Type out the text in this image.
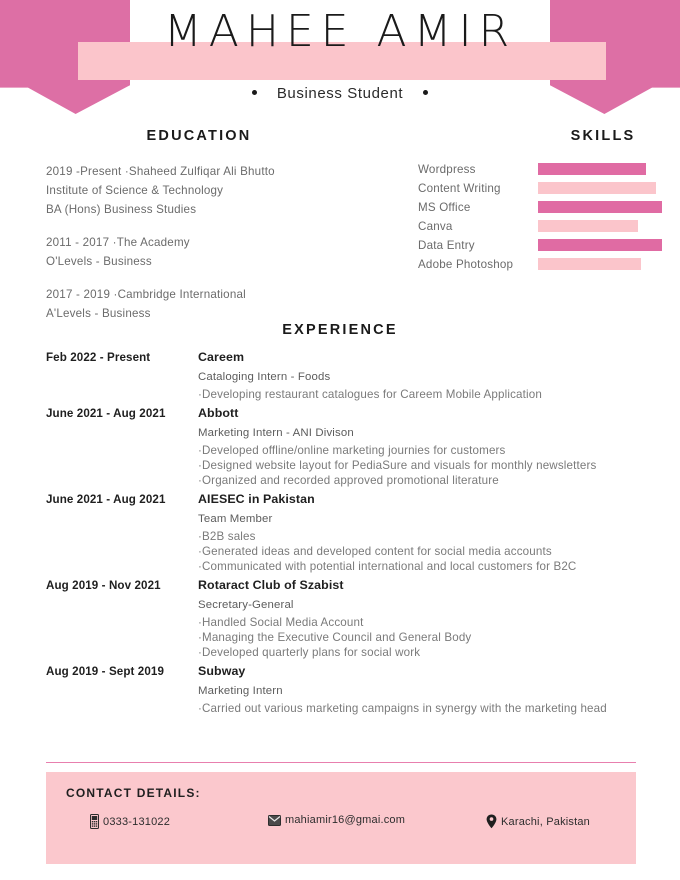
MAHEE AMIR
Business Student
EDUCATION
2019 -Present ·Shaheed Zulfiqar Ali Bhutto
Institute of Science & Technology
BA (Hons) Business Studies
2011 - 2017 ·The Academy
O'Levels - Business
2017 - 2019 ·Cambridge International
A'Levels - Business
SKILLS
Wordpress
Content Writing
MS Office
Canva
Data Entry
Adobe Photoshop
EXPERIENCE
Feb 2022 - Present	Careem
Cataloging Intern - Foods
·Developing restaurant catalogues for Careem Mobile Application
June 2021 - Aug 2021	Abbott
Marketing Intern - ANI Divison
·Developed offline/online marketing journies for customers
·Designed website layout for PediaSure and visuals for monthly newsletters
·Organized and recorded approved promotional literature
June 2021 - Aug 2021	AIESEC in Pakistan
Team Member
·B2B sales
·Generated ideas and developed content for social media accounts
·Communicated with potential international and local customers for B2C
Aug 2019 - Nov 2021	Rotaract Club of Szabist
Secretary-General
·Handled Social Media Account
·Managing the Executive Council and General Body
·Developed quarterly plans for social work
Aug 2019 - Sept 2019	Subway
Marketing Intern
·Carried out various marketing campaigns in synergy with the marketing head
CONTACT DETAILS:
0333-131022	mahiamir16@gmai.com	Karachi, Pakistan
